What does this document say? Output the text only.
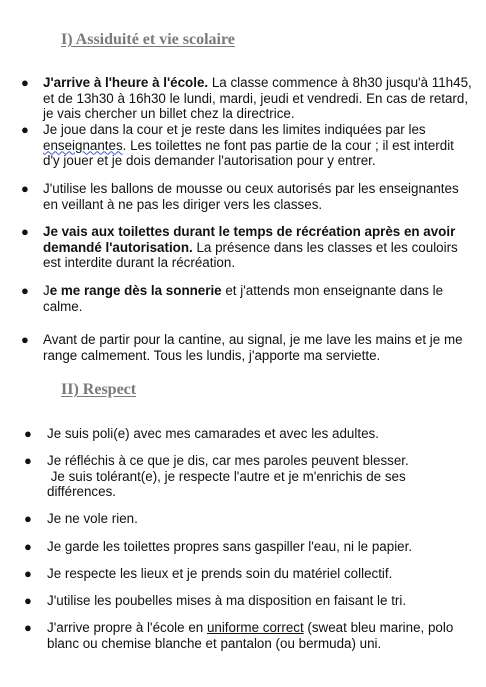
I) Assiduité et vie scolaire
● J'arrive à l'heure à l'école. La classe commence à 8h30 jusqu'à 11h45, et de 13h30 à 16h30 le lundi, mardi, jeudi et vendredi. En cas de retard, je vais chercher un billet chez la directrice.
● Je joue dans la cour et je reste dans les limites indiquées par les enseignantes. Les toilettes ne font pas partie de la cour ; il est interdit d'y jouer et je dois demander l'autorisation pour y entrer.
● J'utilise les ballons de mousse ou ceux autorisés par les enseignantes en veillant à ne pas les diriger vers les classes.
● Je vais aux toilettes durant le temps de récréation après en avoir demandé l'autorisation. La présence dans les classes et les couloirs est interdite durant la récréation.
● Je me range dès la sonnerie et j'attends mon enseignante dans le calme.
● Avant de partir pour la cantine, au signal, je me lave les mains et je me range calmement. Tous les lundis, j'apporte ma serviette.
II) Respect
● Je suis poli(e) avec mes camarades et avec les adultes.
● Je réfléchis à ce que je dis, car mes paroles peuvent blesser.
Je suis tolérant(e), je respecte l'autre et je m'enrichis de ses différences.
● Je ne vole rien.
● Je garde les toilettes propres sans gaspiller l'eau, ni le papier.
● Je respecte les lieux et je prends soin du matériel collectif.
● J'utilise les poubelles mises à ma disposition en faisant le tri.
● J'arrive propre à l'école en uniforme correct (sweat bleu marine, polo blanc ou chemise blanche et pantalon (ou bermuda) uni.
